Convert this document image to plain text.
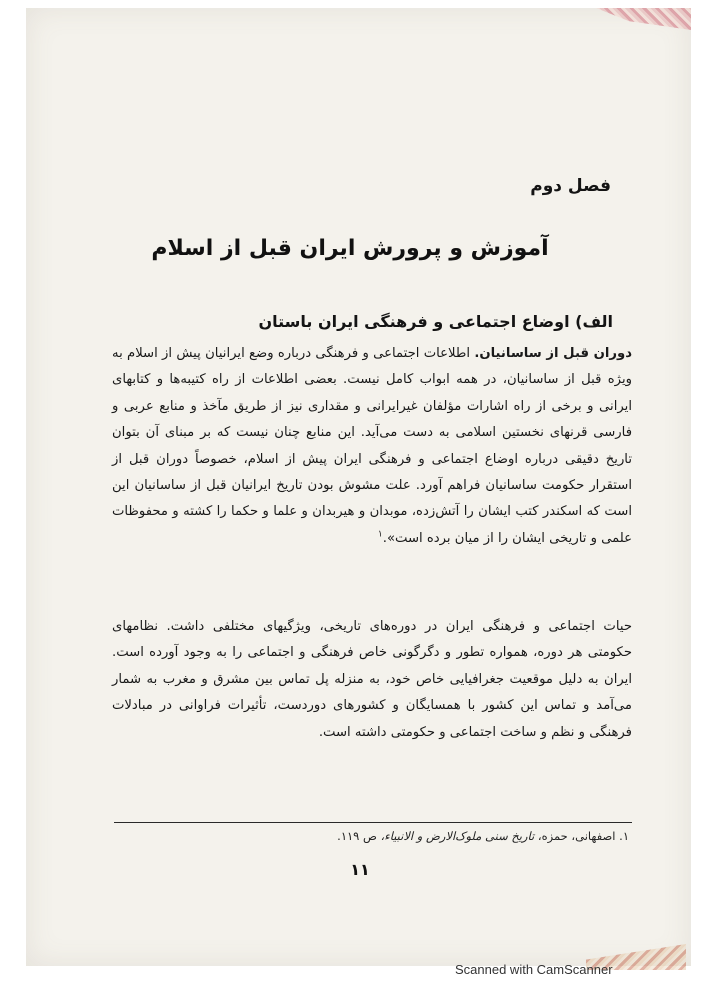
فصل دوم
آموزش و پرورش ایران قبل از اسلام
الف) اوضاع اجتماعی و فرهنگی ایران باستان

دوران قبل از ساسانیان. اطلاعات اجتماعی و فرهنگی درباره وضع ایرانیان پیش از اسلام به ویژه قبل از ساسانیان، در همه ابواب کامل نیست. بعضی اطلاعات از راه کتیبه‌ها و کتابهای ایرانی و برخی از راه اشارات مؤلفان غیرایرانی و مقداری نیز از طریق مآخذ و منابع عربی و فارسی قرنهای نخستین اسلامی به دست می‌آید. این منابع چنان نیست که بر مبنای آن بتوان تاریخ دقیقی درباره اوضاع اجتماعی و فرهنگی ایران پیش از اسلام، خصوصاً دوران قبل از استقرار حکومت ساسانیان فراهم آورد. علت مشوش بودن تاریخ ایرانیان قبل از ساسانیان این است که اسکندر کتب ایشان را آتش‌زده، موبدان و هیربدان و علما و حکما را کشته و محفوظات علمی و تاریخی ایشان را از میان برده است».$^۱$

حیات اجتماعی و فرهنگی ایران در دوره‌های تاریخی، ویژگیهای مختلفی داشت. نظامهای حکومتی هر دوره، همواره تطور و دگرگونی خاص فرهنگی و اجتماعی را به وجود آورده است. ایران به دلیل موقعیت جغرافیایی خاص خود، به منزله پل تماس بین مشرق و مغرب به شمار می‌آمد و تماس این کشور با همسایگان و کشورهای دوردست، تأثیرات فراوانی در مبادلات فرهنگی و نظم و ساخت اجتماعی و حکومتی داشته است.

۱. اصفهانی، حمزه، تاریخ سنی ملوک‌الارض و الانبیاء، ص ۱۱۹.
۱۱
Scanned with CamScanner
